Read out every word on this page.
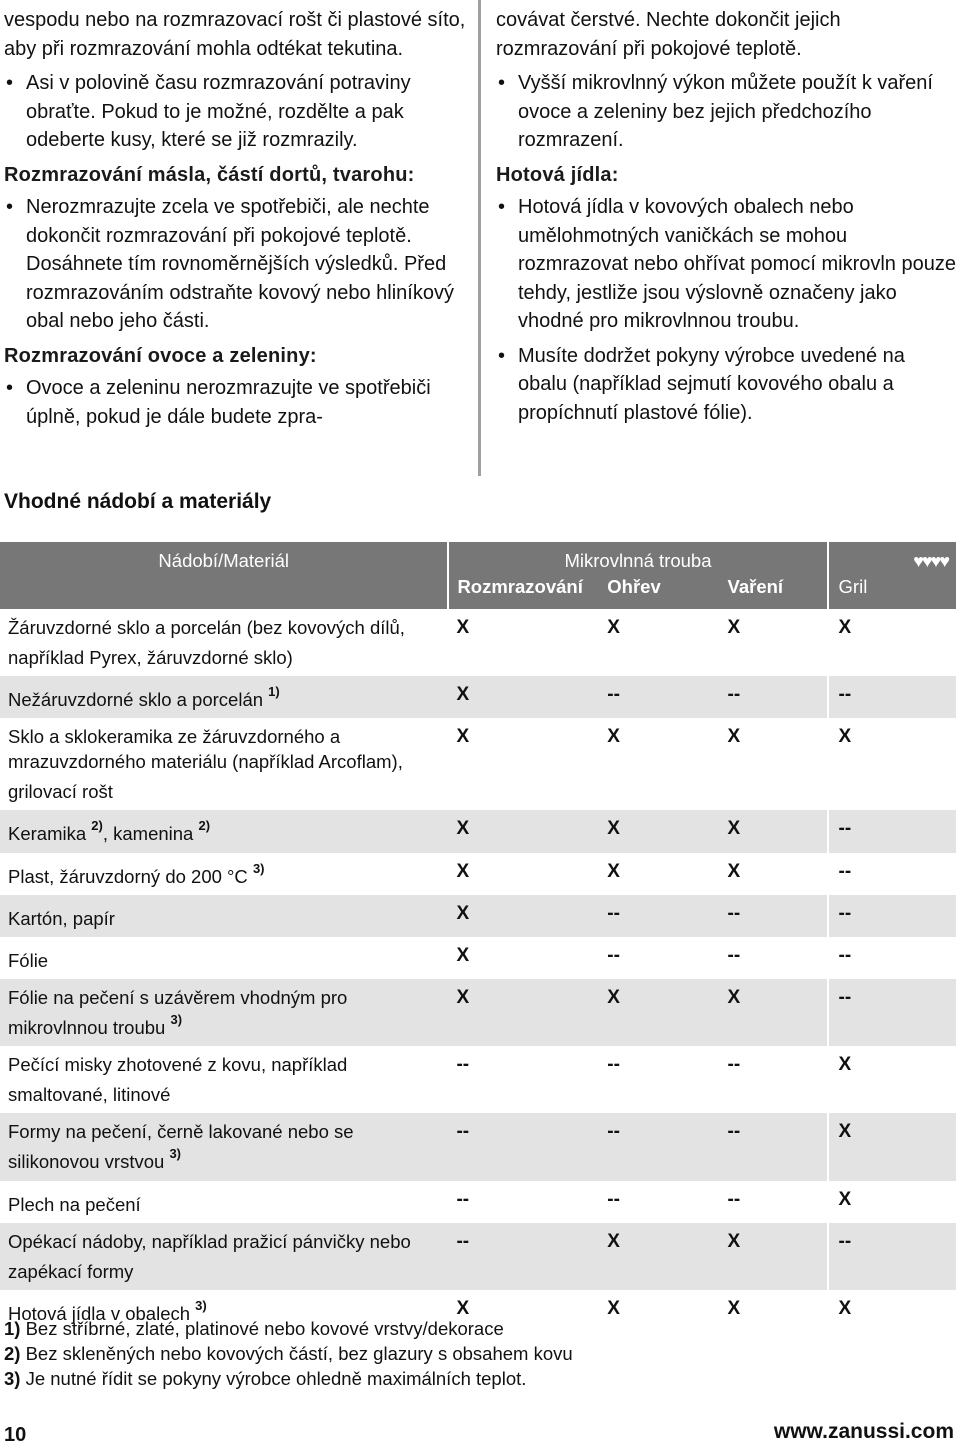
vespodu nebo na rozmrazovací rošt či plastové síto, aby při rozmrazování mohla odtékat tekutina.
• Asi v polovině času rozmrazování potraviny obraťte. Pokud to je možné, rozdělte a pak odeberte kusy, které se již rozmrazily.
Rozmrazování másla, částí dortů, tvarohu:
• Nerozmrazujte zcela ve spotřebiči, ale nechte dokončit rozmrazování při pokojové teplotě. Dosáhnete tím rovnoměrnějších výsledků. Před rozmrazováním odstraňte kovový nebo hliníkový obal nebo jeho části.
Rozmrazování ovoce a zeleniny:
• Ovoce a zeleninu nerozmrazujte ve spotřebiči úplně, pokud je dále budete zpra-
covávat čerstvé. Nechte dokončit jejich rozmrazování při pokojové teplotě.
• Vyšší mikrovlnný výkon můžete použít k vaření ovoce a zeleniny bez jejich předchozího rozmrazení.
Hotová jídla:
• Hotová jídla v kovových obalech nebo umělohmotných vaničkách se mohou rozmrazovat nebo ohřívat pomocí mikrovln pouze tehdy, jestliže jsou výslovně označeny jako vhodné pro mikrovlnnou troubu.
• Musíte dodržet pokyny výrobce uvedené na obalu (například sejmutí kovového obalu a propíchnutí plastové fólie).
Vhodné nádobí a materiály
Nádobí/Materiál	Mikrovlnná trouba			♥♥♥♥
	Rozmrazování	Ohřev	Vaření	Gril
Žáruvzdorné sklo a porcelán (bez kovových dílů, například Pyrex, žáruvzdorné sklo)	X	X	X	X
Nežáruvzdorné sklo a porcelán $^{1)}$	X	--	--	--
Sklo a sklokeramika ze žáruvzdorného a mrazuvzdorného materiálu (například Arcoflam), grilovací rošt	X	X	X	X
Keramika $^{2)}$, kamenina $^{2)}$	X	X	X	--
Plast, žáruvzdorný do 200 °C $^{3)}$	X	X	X	--
Kartón, papír	X	--	--	--
Fólie	X	--	--	--
Fólie na pečení s uzávěrem vhodným pro mikrovlnnou troubu $^{3)}$	X	X	X	--
Pečící misky zhotovené z kovu, například smaltované, litinové	--	--	--	X
Formy na pečení, černě lakované nebo se silikonovou vrstvou $^{3)}$	--	--	--	X
Plech na pečení	--	--	--	X
Opékací nádoby, například pražicí pánvičky nebo zapékací formy	--	X	X	--
Hotová jídla v obalech $^{3)}$	X	X	X	X
1) Bez stříbrné, zlaté, platinové nebo kovové vrstvy/dekorace
2) Bez skleněných nebo kovových částí, bez glazury s obsahem kovu
3) Je nutné řídit se pokyny výrobce ohledně maximálních teplot.
10	www.zanussi.com
